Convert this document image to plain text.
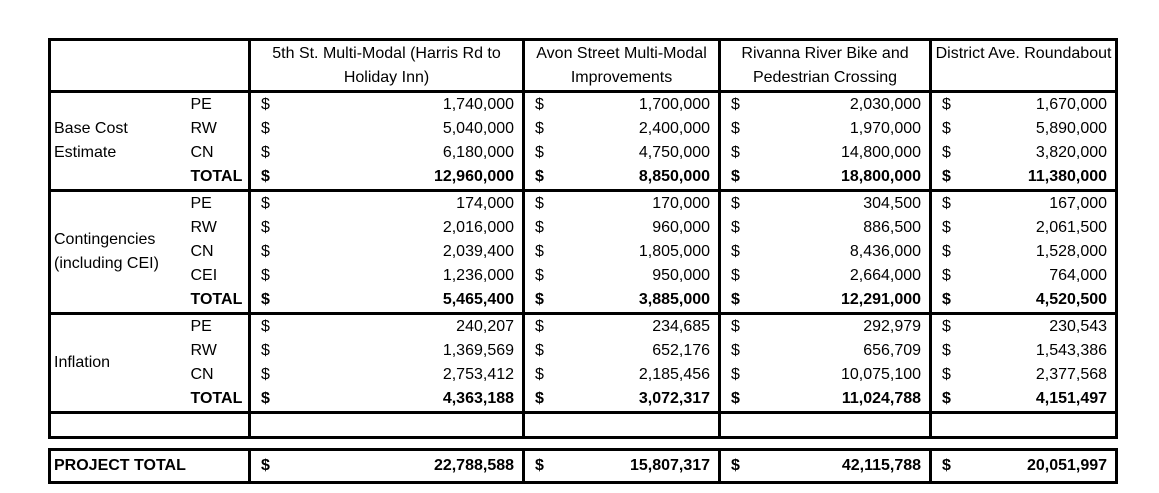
		5th St. Multi-Modal (Harris Rd to Holiday Inn)		Avon Street Multi-Modal Improvements		Rivanna River Bike and Pedestrian Crossing		District Ave. Roundabout	
Base Cost Estimate	PE	$	1,740,000	$	1,700,000	$	2,030,000	$	1,670,000
	RW	$	5,040,000	$	2,400,000	$	1,970,000	$	5,890,000
	CN	$	6,180,000	$	4,750,000	$	14,800,000	$	3,820,000
	TOTAL	$	12,960,000	$	8,850,000	$	18,800,000	$	11,380,000
Contingencies (including CEI)	PE	$	174,000	$	170,000	$	304,500	$	167,000
	RW	$	2,016,000	$	960,000	$	886,500	$	2,061,500
	CN	$	2,039,400	$	1,805,000	$	8,436,000	$	1,528,000
	CEI	$	1,236,000	$	950,000	$	2,664,000	$	764,000
	TOTAL	$	5,465,400	$	3,885,000	$	12,291,000	$	4,520,500
Inflation	PE	$	240,207	$	234,685	$	292,979	$	230,543
	RW	$	1,369,569	$	652,176	$	656,709	$	1,543,386
	CN	$	2,753,412	$	2,185,456	$	10,075,100	$	2,377,568
	TOTAL	$	4,363,188	$	3,072,317	$	11,024,788	$	4,151,497

PROJECT TOTAL		$	22,788,588	$	15,807,317	$	42,115,788	$	20,051,997
